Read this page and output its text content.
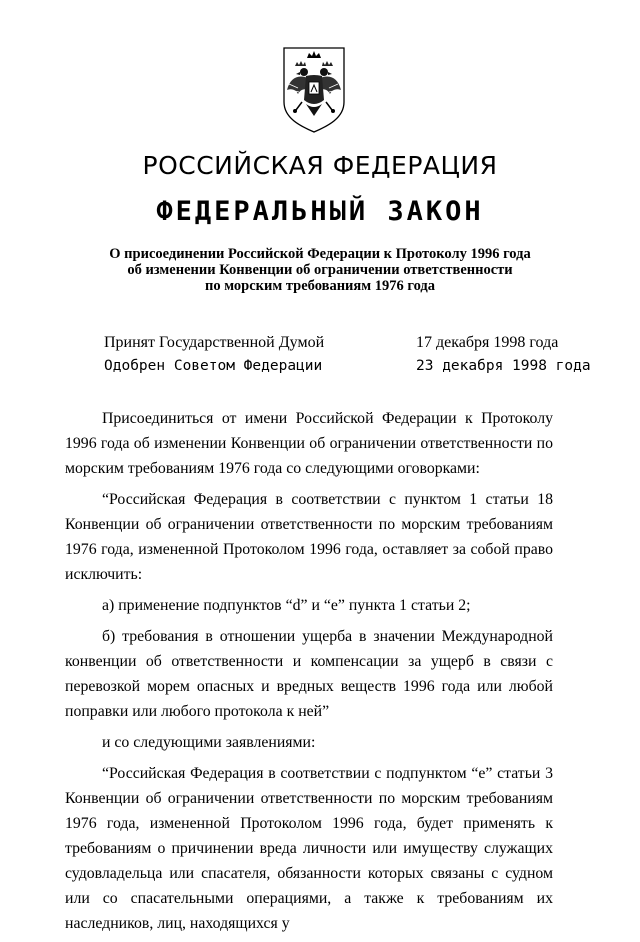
РОССИЙСКАЯ ФЕДЕРАЦИЯ
ФЕДЕРАЛЬНЫЙ ЗАКОН
О присоединении Российской Федерации к Протоколу 1996 года
об изменении Конвенции об ограничении ответственности
по морским требованиям 1976 года
Принят Государственной Думой	17 декабря 1998 года
Одобрен Советом Федерации	23 декабря 1998 года

Присоединиться от имени Российской Федерации к Протоколу 1996 года об изменении Конвенции об ограничении ответственности по морским требованиям 1976 года со следующими оговорками:

“Российская Федерация в соответствии с пунктом 1 статьи 18 Конвенции об ограничении ответственности по морским требованиям 1976 года, измененной Протоколом 1996 года, оставляет за собой право исключить:

а) применение подпунктов “d” и “e” пункта 1 статьи 2;

б) требования в отношении ущерба в значении Международной конвенции об ответственности и компенсации за ущерб в связи с перевозкой морем опасных и вредных веществ 1996 года или любой поправки или любого протокола к ней”

и со следующими заявлениями:

“Российская Федерация в соответствии с подпунктом “e” статьи 3 Конвенции об ограничении ответственности по морским требованиям 1976 года, измененной Протоколом 1996 года, будет применять к требованиям о причинении вреда личности или имуществу служащих судовладельца или спасателя, обязанности которых связаны с судном или со спасательными операциями, а также к требованиям их наследников, лиц, находящихся у
